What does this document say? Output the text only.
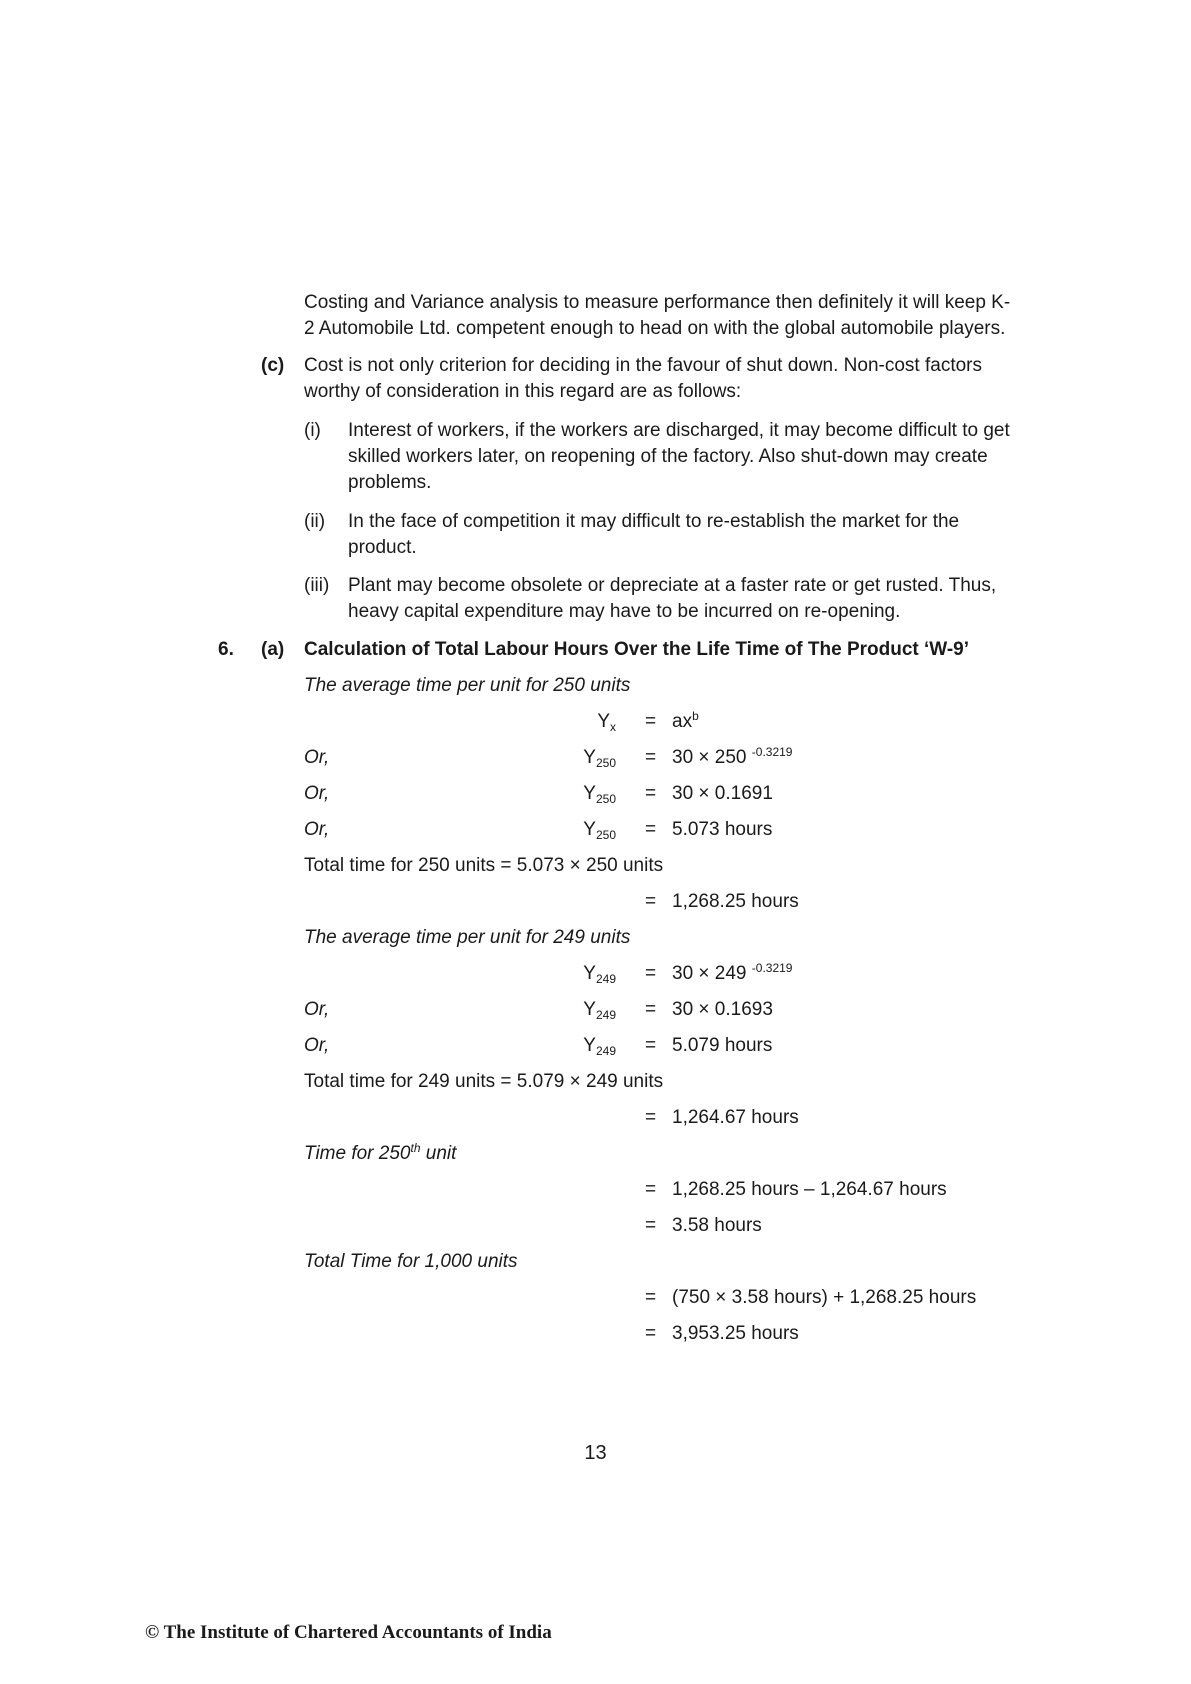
Costing and Variance analysis to measure performance then definitely it will keep K-
2 Automobile Ltd. competent enough to head on with the global automobile players.
(c) Cost is not only criterion for deciding in the favour of shut down. Non-cost factors
worthy of consideration in this regard are as follows:
(i) Interest of workers, if the workers are discharged, it may become difficult to get
skilled workers later, on reopening of the factory. Also shut-down may create
problems.
(ii) In the face of competition it may difficult to re-establish the market for the
product.
(iii) Plant may become obsolete or depreciate at a faster rate or get rusted. Thus,
heavy capital expenditure may have to be incurred on re-opening.
6. (a) Calculation of Total Labour Hours Over the Life Time of The Product ‘W-9’
The average time per unit for 250 units
$Y_x = ax^b$
Or,	$Y_{250} = 30 \times 250$ $^{-0.3219}$
Or,	$Y_{250} = 30 \times 0.1691$
Or,	$Y_{250} = 5.073$ hours
Total time for 250 units = 5.073 × 250 units
= 1,268.25 hours
The average time per unit for 249 units
$Y_{249} = 30 \times 249$ $^{-0.3219}$
Or,	$Y_{249} = 30 \times 0.1693$
Or,	$Y_{249} = 5.079$ hours
Total time for 249 units = 5.079 × 249 units
= 1,264.67 hours
Time for 250th unit
= 1,268.25 hours – 1,264.67 hours
= 3.58 hours
Total Time for 1,000 units
= (750 × 3.58 hours) + 1,268.25 hours
= 3,953.25 hours
13
© The Institute of Chartered Accountants of India
